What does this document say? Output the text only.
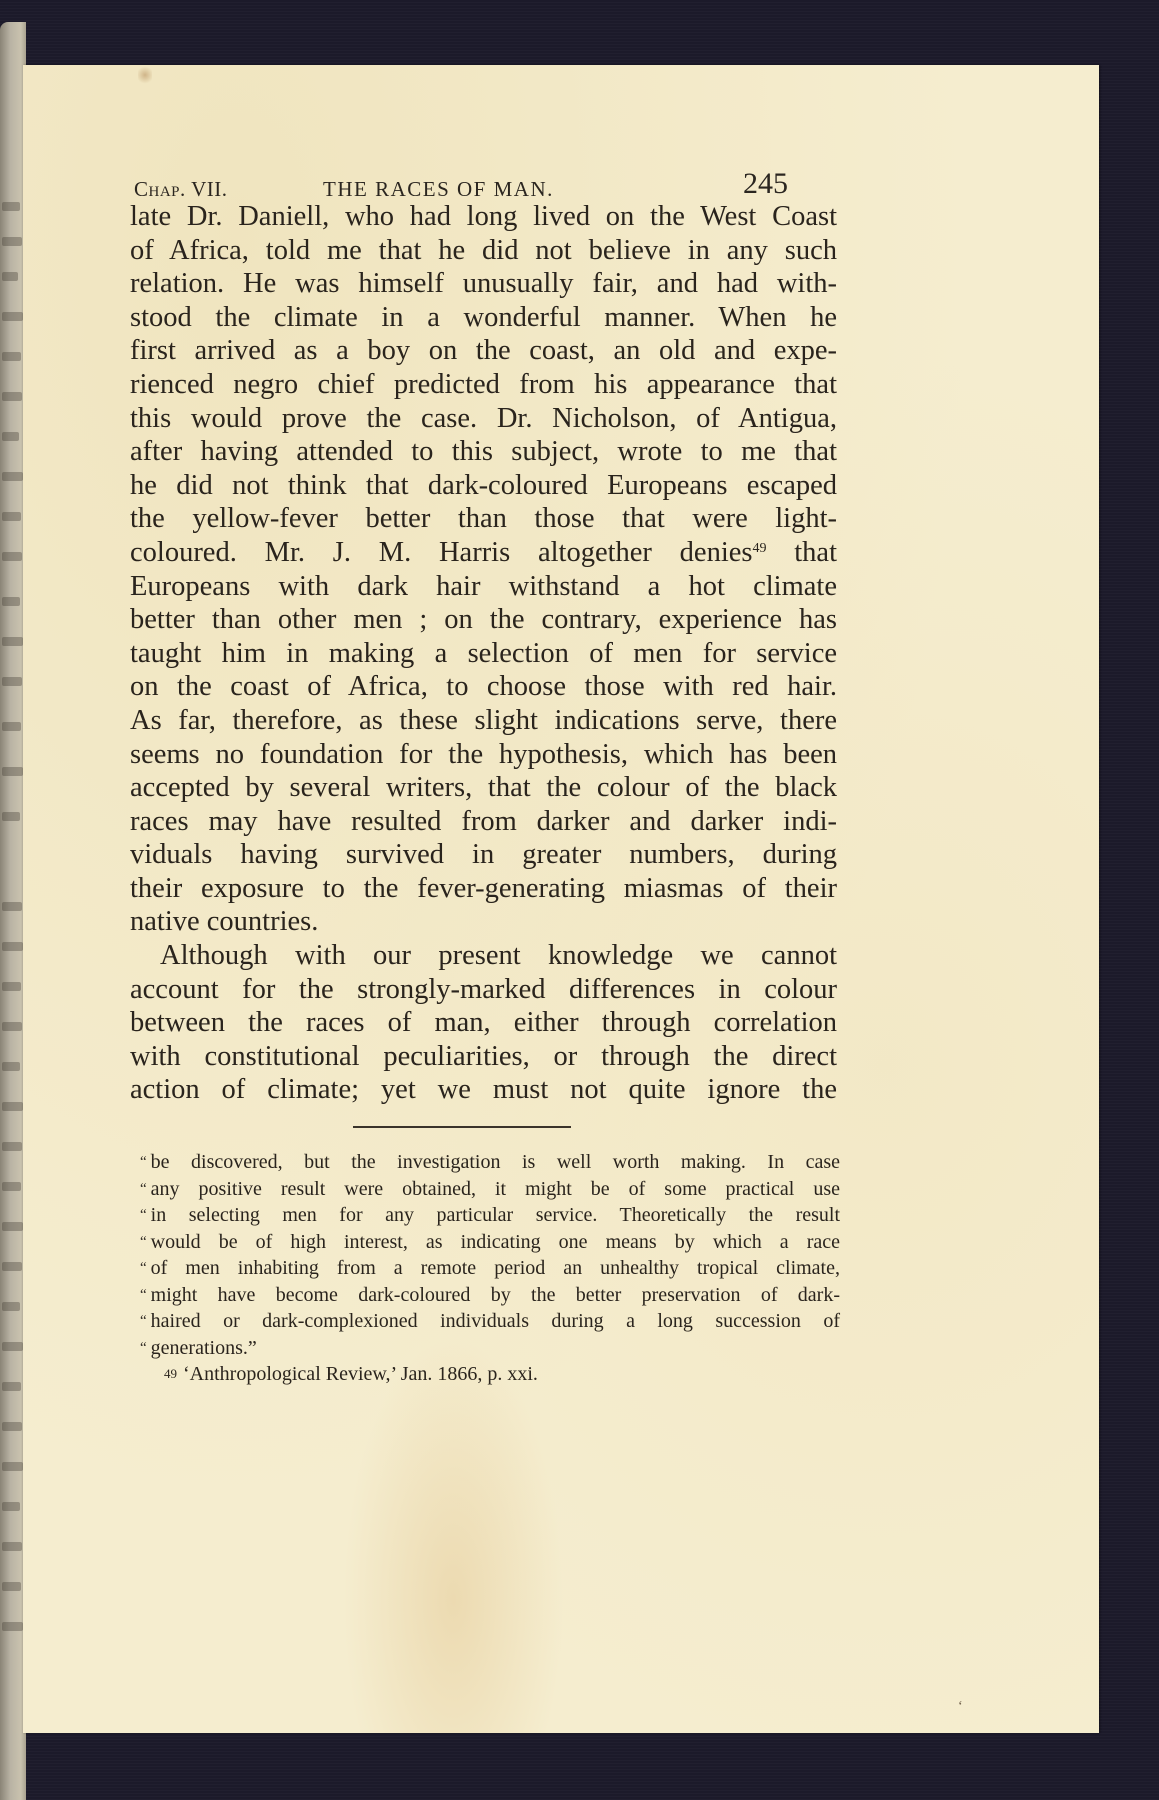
Chap. VII.	THE RACES OF MAN.	245
late Dr. Daniell, who had long lived on the West Coast
of Africa, told me that he did not believe in any such
relation. He was himself unusually fair, and had with-
stood the climate in a wonderful manner. When he
first arrived as a boy on the coast, an old and expe-
rienced negro chief predicted from his appearance that
this would prove the case. Dr. Nicholson, of Antigua,
after having attended to this subject, wrote to me that
he did not think that dark-coloured Europeans escaped
the yellow-fever better than those that were light-
coloured. Mr. J. M. Harris altogether denies$^{49}$ that
Europeans with dark hair withstand a hot climate
better than other men ; on the contrary, experience has
taught him in making a selection of men for service
on the coast of Africa, to choose those with red hair.
As far, therefore, as these slight indications serve, there
seems no foundation for the hypothesis, which has been
accepted by several writers, that the colour of the black
races may have resulted from darker and darker indi-
viduals having survived in greater numbers, during
their exposure to the fever-generating miasmas of their
native countries.
Although with our present knowledge we cannot
account for the strongly-marked differences in colour
between the races of man, either through correlation
with constitutional peculiarities, or through the direct
action of climate; yet we must not quite ignore the
“ be discovered, but the investigation is well worth making. In case
“ any positive result were obtained, it might be of some practical use
“ in selecting men for any particular service. Theoretically the result
“ would be of high interest, as indicating one means by which a race
“ of men inhabiting from a remote period an unhealthy tropical climate,
“ might have become dark-coloured by the better preservation of dark-
“ haired or dark-complexioned individuals during a long succession of
“ generations.”
49 ‘Anthropological Review,’ Jan. 1866, p. xxi.
‘
